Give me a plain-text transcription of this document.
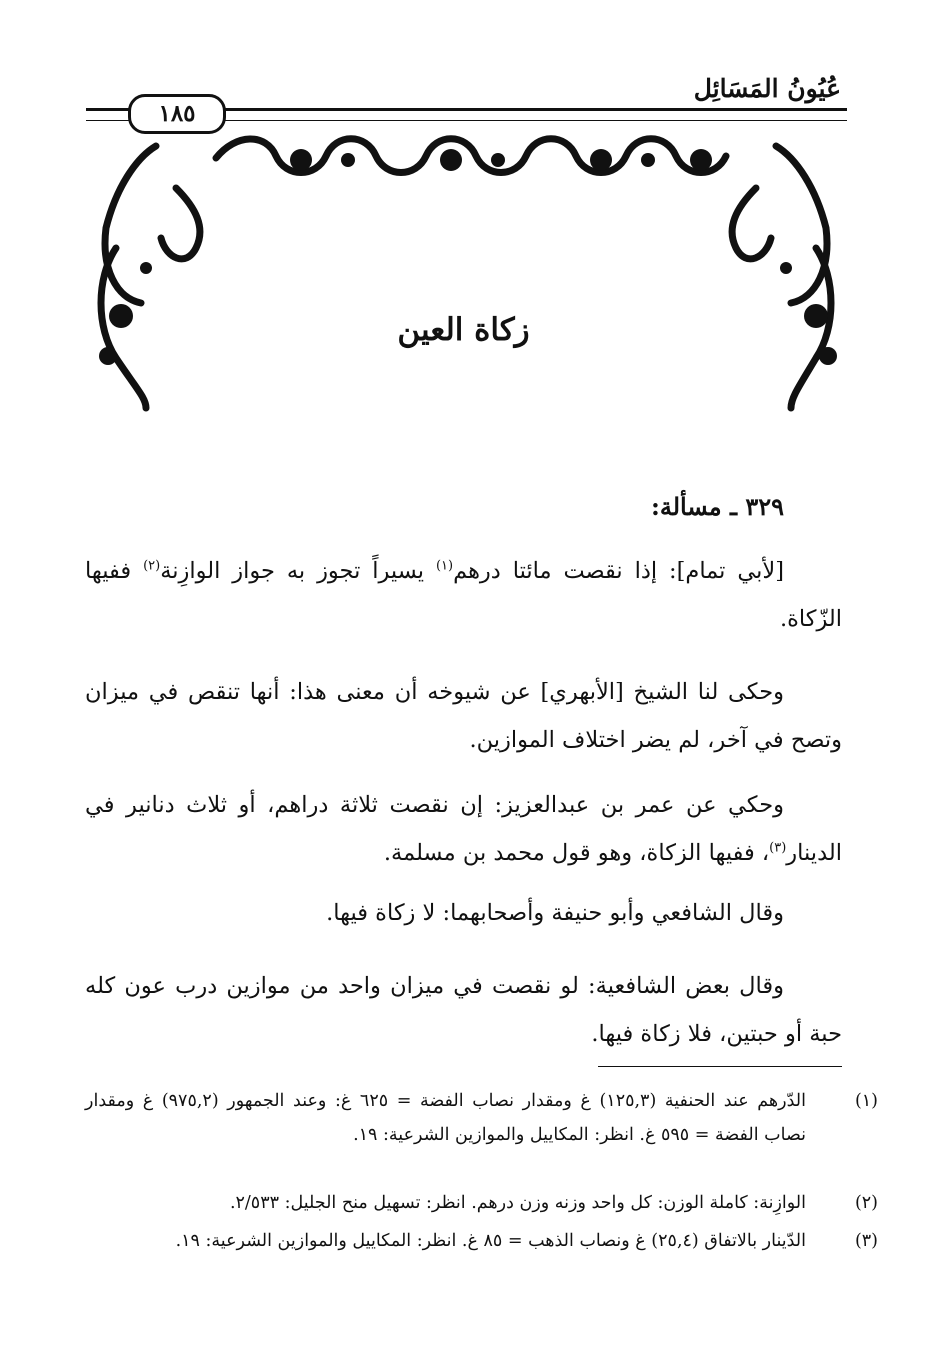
عُيُونُ المَسَائِل
١٨٥
زكاة العين
٣٢٩ ـ مسألة:

[لأبي تمام]: إذا نقصت مائتا درهم$^{(١)}$ يسيراً تجوز به جواز الوازِنة$^{(٢)}$ ففيها الزّكاة.

وحكى لنا الشيخ [الأبهري] عن شيوخه أن معنى هذا: أنها تنقص في ميزان وتصح في آخر، لم يضر اختلاف الموازين.

وحكي عن عمر بن عبدالعزيز: إن نقصت ثلاثة دراهم، أو ثلاث دنانير في الدينار$^{(٣)}$، ففيها الزكاة، وهو قول محمد بن مسلمة.

وقال الشافعي وأبو حنيفة وأصحابهما: لا زكاة فيها.

وقال بعض الشافعية: لو نقصت في ميزان واحد من موازين درب عون كله حبة أو حبتين، فلا زكاة فيها.

(١)الدّرهم عند الحنفية (١٢٥,٣) غ ومقدار نصاب الفضة = ٦٢٥ غ: وعند الجمهور (٩٧٥,٢) غ ومقدار نصاب الفضة = ٥٩٥ غ. انظر: المكاييل والموازين الشرعية: ١٩.
(٢)الوازِنة: كاملة الوزن: كل واحد وزنه وزن درهم. انظر: تسهيل منح الجليل: ٢/٥٣٣.
(٣)الدّينار بالاتفاق (٢٥,٤) غ ونصاب الذهب = ٨٥ غ. انظر: المكاييل والموازين الشرعية: ١٩.
